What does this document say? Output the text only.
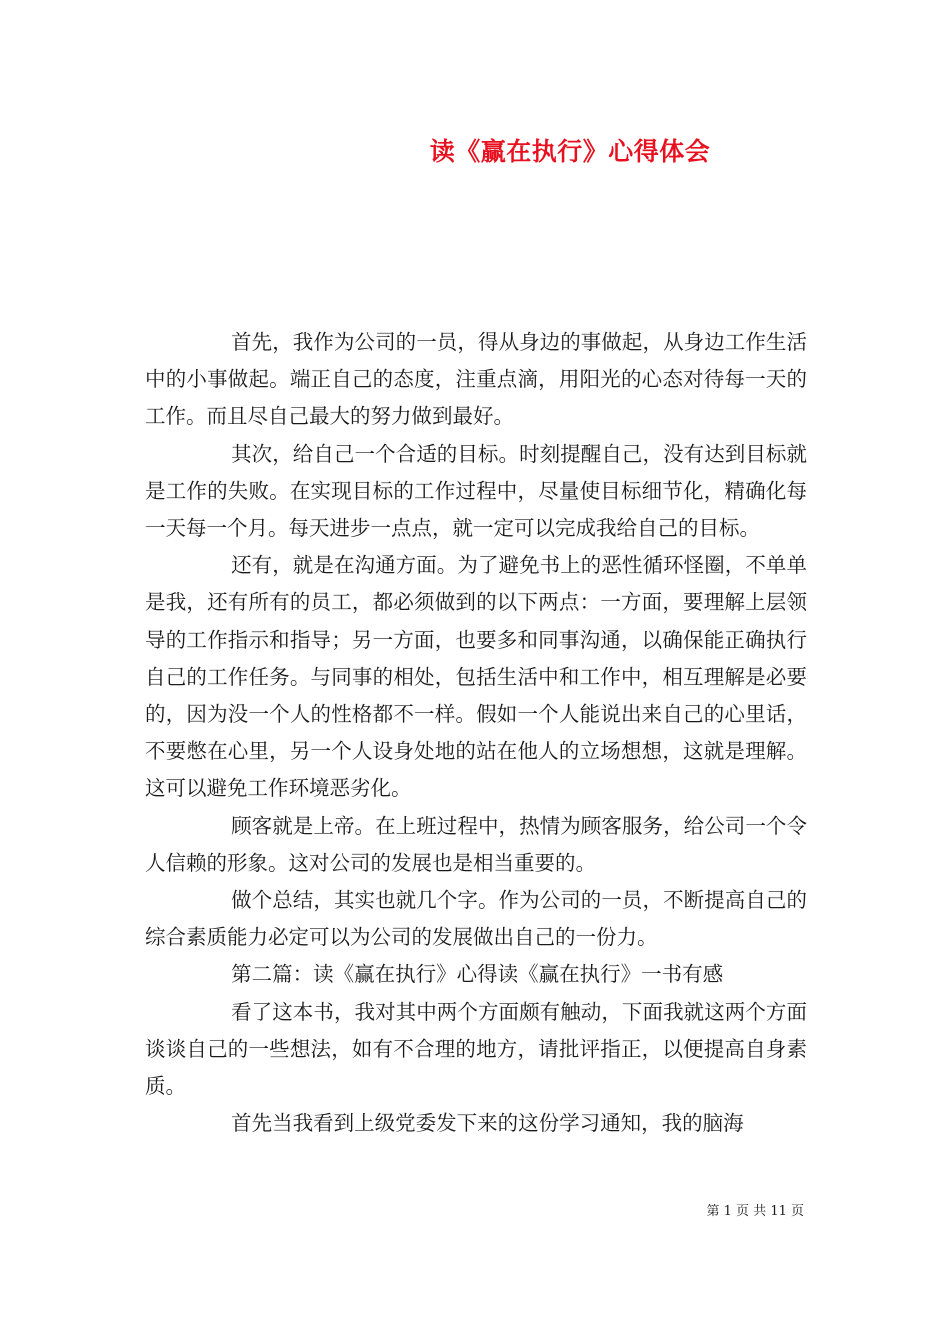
读《赢在执行》心得体会

首先，我作为公司的一员，得从身边的事做起，从身边工作生活中的小事做起。端正自己的态度，注重点滴，用阳光的心态对待每一天的工作。而且尽自己最大的努力做到最好。

其次，给自己一个合适的目标。时刻提醒自己，没有达到目标就是工作的失败。在实现目标的工作过程中，尽量使目标细节化，精确化每一天每一个月。每天进步一点点，就一定可以完成我给自己的目标。

还有，就是在沟通方面。为了避免书上的恶性循环怪圈，不单单是我，还有所有的员工，都必须做到的以下两点：一方面，要理解上层领导的工作指示和指导；另一方面，也要多和同事沟通，以确保能正确执行自己的工作任务。与同事的相处，包括生活中和工作中，相互理解是必要的，因为没一个人的性格都不一样。假如一个人能说出来自己的心里话，不要憋在心里，另一个人设身处地的站在他人的立场想想，这就是理解。这可以避免工作环境恶劣化。

顾客就是上帝。在上班过程中，热情为顾客服务，给公司一个令人信赖的形象。这对公司的发展也是相当重要的。

做个总结，其实也就几个字。作为公司的一员，不断提高自己的综合素质能力必定可以为公司的发展做出自己的一份力。

第二篇：读《赢在执行》心得读《赢在执行》一书有感

看了这本书，我对其中两个方面颇有触动，下面我就这两个方面谈谈自己的一些想法，如有不合理的地方，请批评指正，以便提高自身素质。

首先当我看到上级党委发下来的这份学习通知，我的脑海

第 1 页 共 11 页
